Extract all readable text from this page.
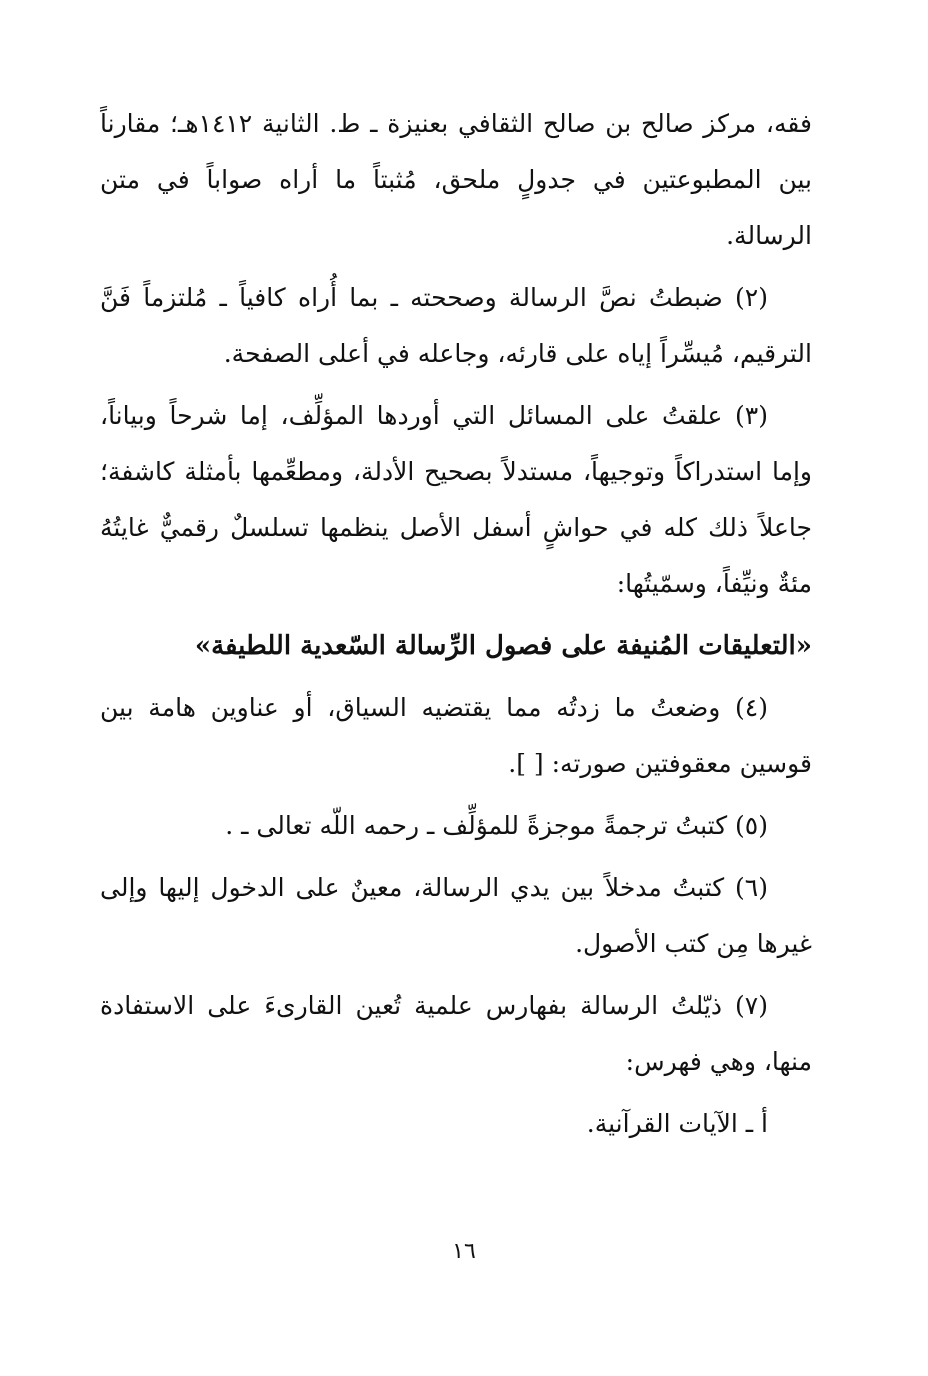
فقه، مركز صالح بن صالح الثقافي بعنيزة ـ ط. الثانية ١٤١٢هـ؛ مقارناً بين المطبوعتين في جدولٍ ملحق، مُثبتاً ما أراه صواباً في متن الرسالة.

(٢) ضبطتُ نصَّ الرسالة وصححته ـ بما أُراه كافياً ـ مُلتزماً فَنَّ الترقيم، مُيسِّراً إياه على قارئه، وجاعله في أعلى الصفحة.

(٣) علقتُ على المسائل التي أوردها المؤلِّف، إما شرحاً وبياناً، وإما استدراكاً وتوجيهاً، مستدلاً بصحيح الأدلة، ومطعِّمها بأمثلة كاشفة؛ جاعلاً ذلك كله في حواشٍ أسفل الأصل ينظمها تسلسلٌ رقميٌّ غايتُهُ مئةٌ ونيِّفاً، وسمّيتُها:

«التعليقات المُنيفة على فصول الرِّسالة السّعدية اللطيفة»

(٤) وضعتُ ما زدتُه مما يقتضيه السياق، أو عناوين هامة بين قوسين معقوفتين صورته: [ ].

(٥) كتبتُ ترجمةً موجزةً للمؤلِّف ـ رحمه اللّه تعالى ـ .

(٦) كتبتُ مدخلاً بين يدي الرسالة، معينٌ على الدخول إليها وإلى غيرها مِن كتب الأصول.

(٧) ذيّلتُ الرسالة بفهارس علمية تُعين القارىءَ على الاستفادة منها، وهي فهرس:

أ ـ الآيات القرآنية.

١٦
